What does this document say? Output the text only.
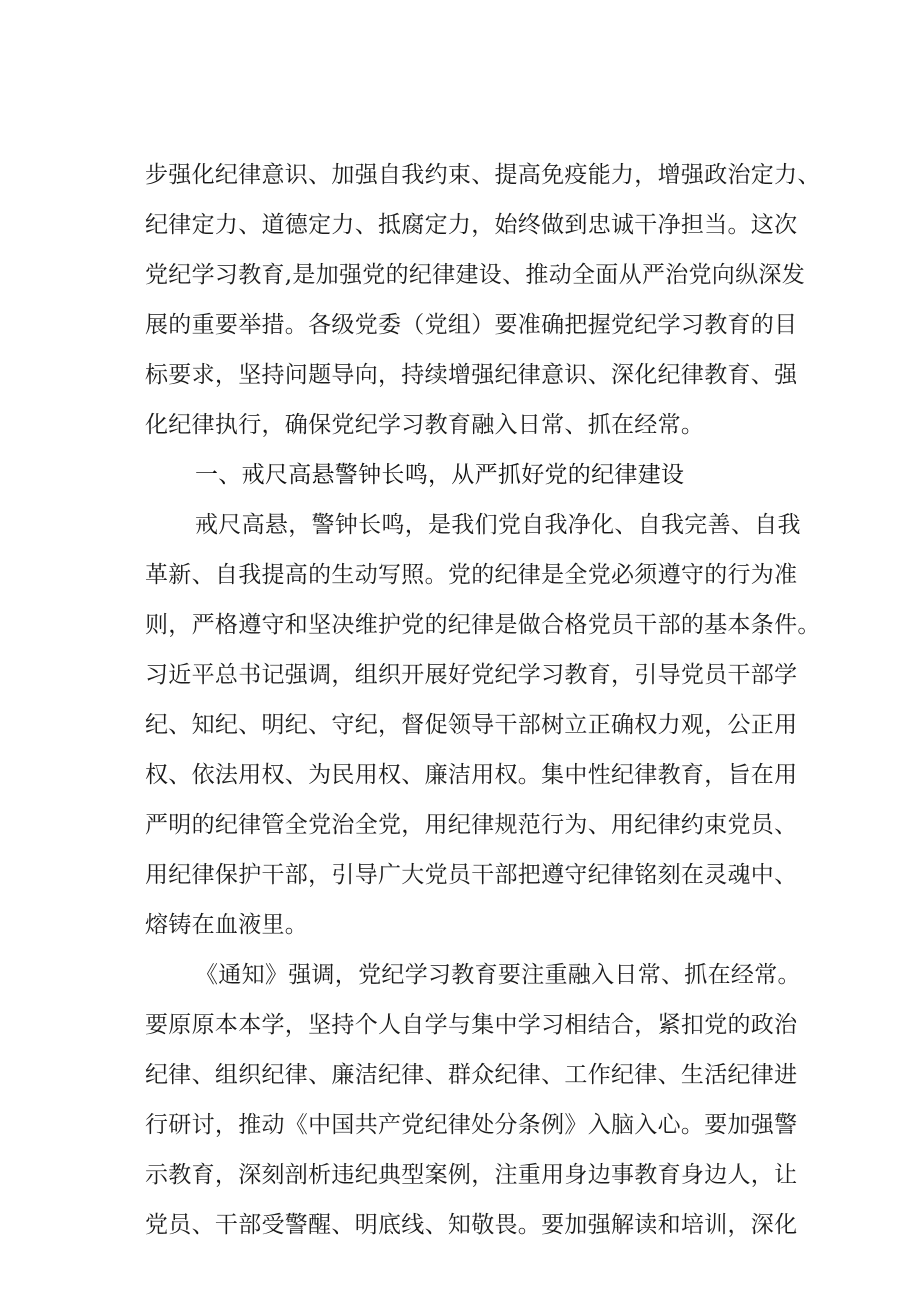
步强化纪律意识、加强自我约束、提高免疫能力，增强政治定力、
纪律定力、道德定力、抵腐定力，始终做到忠诚干净担当。这次
党纪学习教育,是加强党的纪律建设、推动全面从严治党向纵深发
展的重要举措。各级党委（党组）要准确把握党纪学习教育的目
标要求，坚持问题导向，持续增强纪律意识、深化纪律教育、强
化纪律执行，确保党纪学习教育融入日常、抓在经常。
一、戒尺高悬警钟长鸣，从严抓好党的纪律建设
戒尺高悬，警钟长鸣，是我们党自我净化、自我完善、自我
革新、自我提高的生动写照。党的纪律是全党必须遵守的行为准
则，严格遵守和坚决维护党的纪律是做合格党员干部的基本条件。
习近平总书记强调，组织开展好党纪学习教育，引导党员干部学
纪、知纪、明纪、守纪，督促领导干部树立正确权力观，公正用
权、依法用权、为民用权、廉洁用权。集中性纪律教育，旨在用
严明的纪律管全党治全党，用纪律规范行为、用纪律约束党员、
用纪律保护干部，引导广大党员干部把遵守纪律铭刻在灵魂中、
熔铸在血液里。
《通知》强调，党纪学习教育要注重融入日常、抓在经常。
要原原本本学，坚持个人自学与集中学习相结合，紧扣党的政治
纪律、组织纪律、廉洁纪律、群众纪律、工作纪律、生活纪律进
行研讨，推动《中国共产党纪律处分条例》入脑入心。要加强警
示教育，深刻剖析违纪典型案例，注重用身边事教育身边人，让
党员、干部受警醒、明底线、知敬畏。要加强解读和培训，深化
